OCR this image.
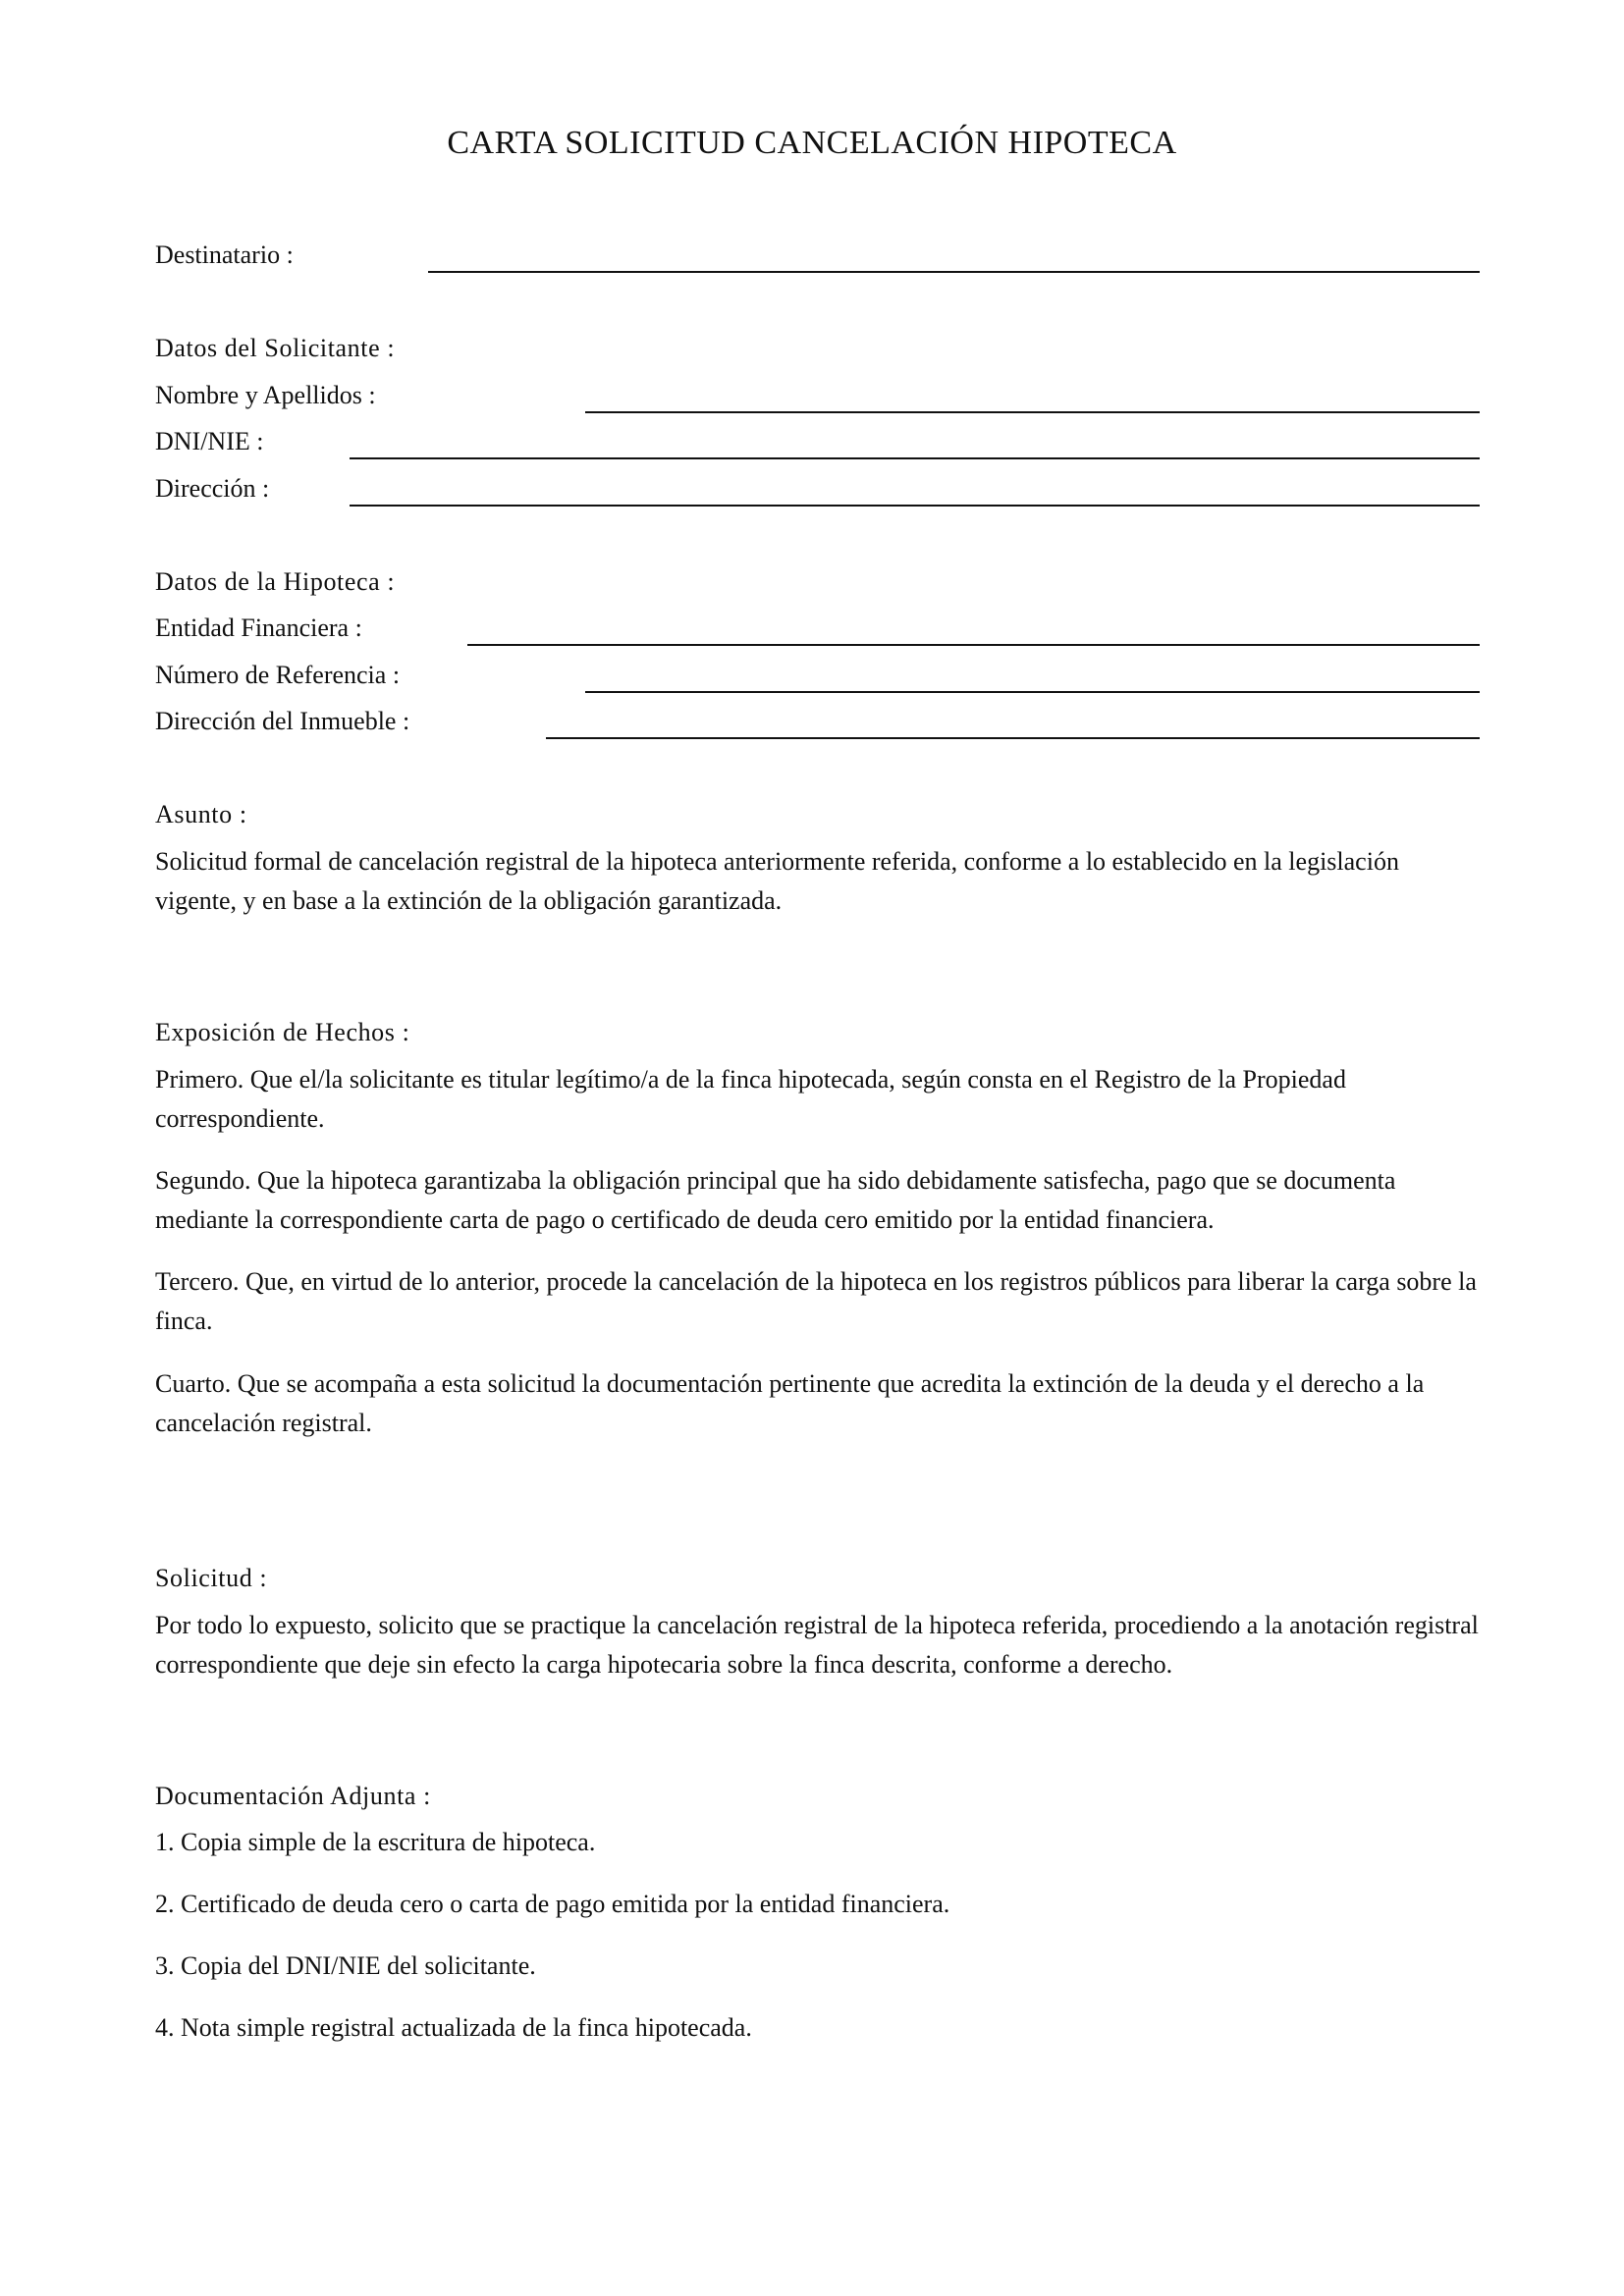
CARTA SOLICITUD CANCELACIÓN HIPOTECA
Destinatario :
Datos del Solicitante :
Nombre y Apellidos :
DNI/NIE :
Dirección :
Datos de la Hipoteca :
Entidad Financiera :
Número de Referencia :
Dirección del Inmueble :
Asunto :
Solicitud formal de cancelación registral de la hipoteca anteriormente referida, conforme a lo establecido en la legislación vigente, y en base a la extinción de la obligación garantizada.
Exposición de Hechos :
Primero. Que el/la solicitante es titular legítimo/a de la finca hipotecada, según consta en el Registro de la Propiedad correspondiente.
Segundo. Que la hipoteca garantizaba la obligación principal que ha sido debidamente satisfecha, pago que se documenta mediante la correspondiente carta de pago o certificado de deuda cero emitido por la entidad financiera.
Tercero. Que, en virtud de lo anterior, procede la cancelación de la hipoteca en los registros públicos para liberar la carga sobre la finca.
Cuarto. Que se acompaña a esta solicitud la documentación pertinente que acredita la extinción de la deuda y el derecho a la cancelación registral.
Solicitud :
Por todo lo expuesto, solicito que se practique la cancelación registral de la hipoteca referida, procediendo a la anotación registral correspondiente que deje sin efecto la carga hipotecaria sobre la finca descrita, conforme a derecho.
Documentación Adjunta :
1. Copia simple de la escritura de hipoteca.
2. Certificado de deuda cero o carta de pago emitida por la entidad financiera.
3. Copia del DNI/NIE del solicitante.
4. Nota simple registral actualizada de la finca hipotecada.
